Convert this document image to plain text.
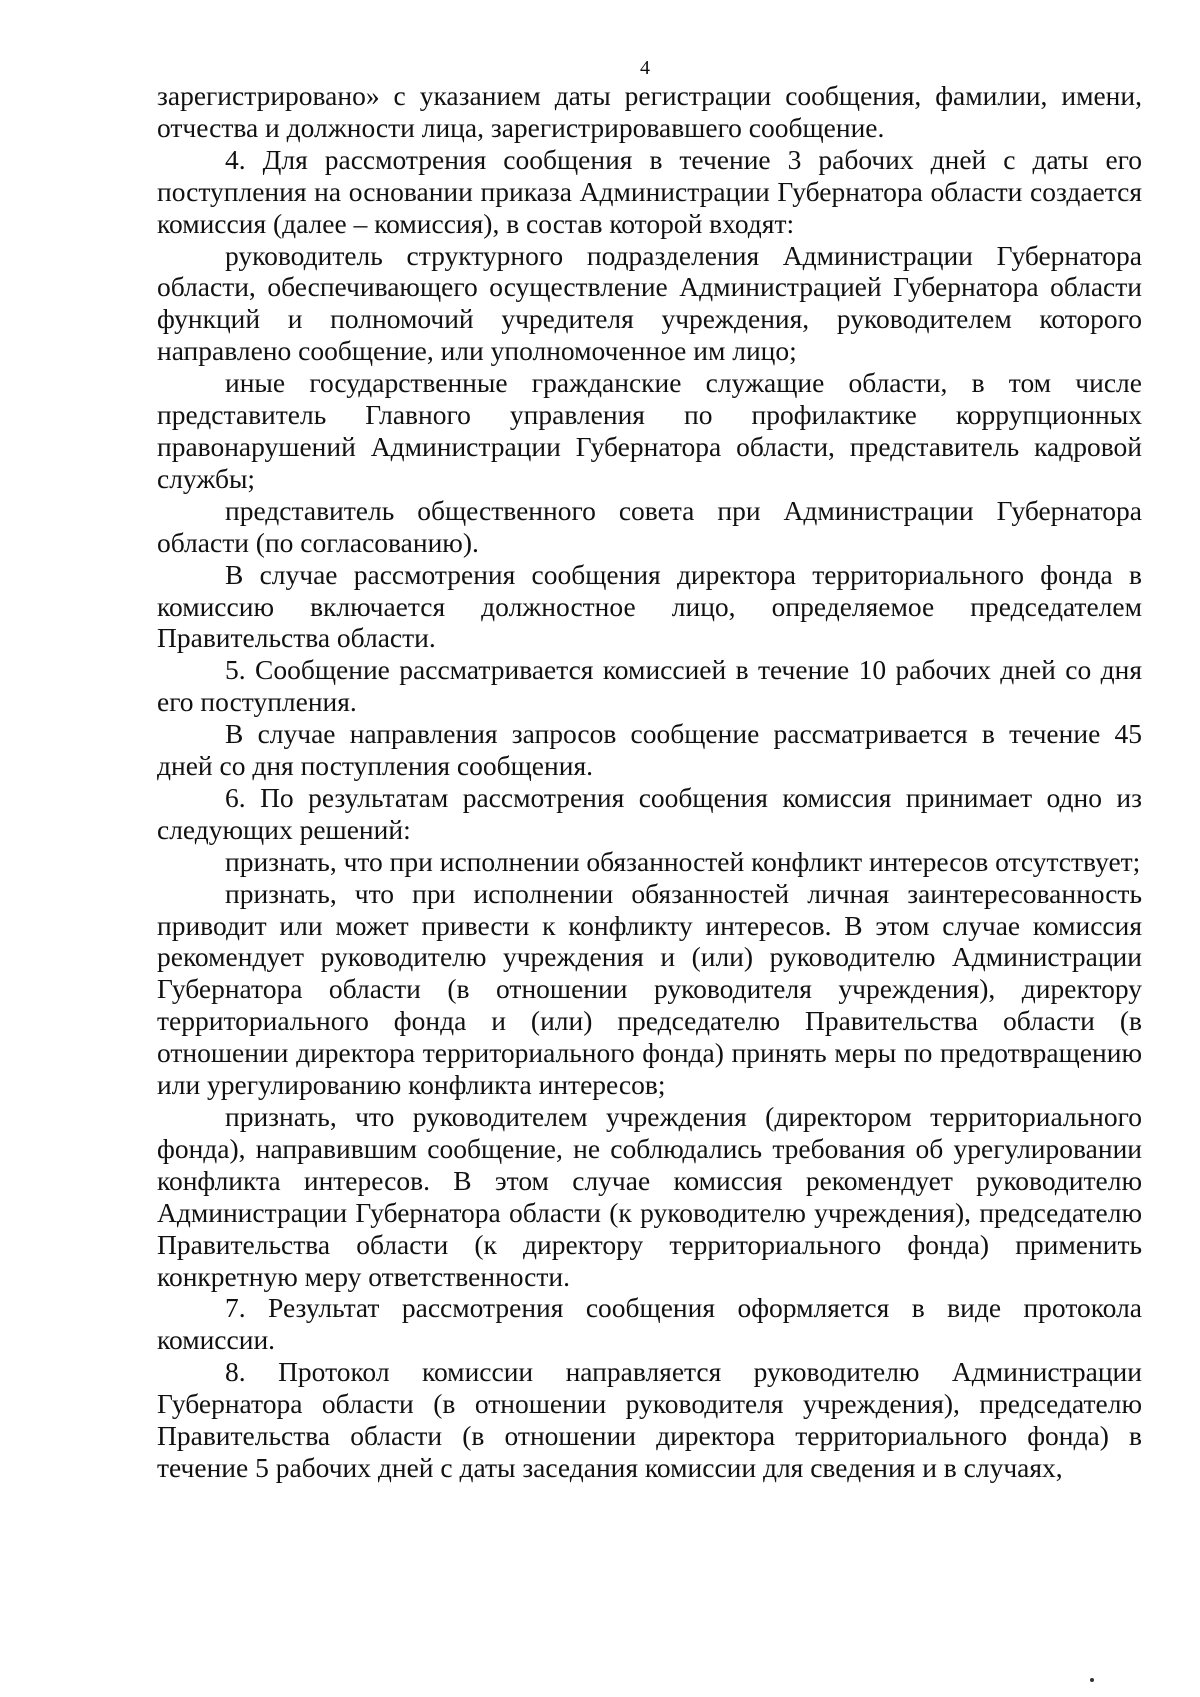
4

зарегистрировано» с указанием даты регистрации сообщения, фамилии, имени, отчества и должности лица, зарегистрировавшего сообщение.

4. Для рассмотрения сообщения в течение 3 рабочих дней с даты его поступления на основании приказа Администрации Губернатора области создается комиссия (далее – комиссия), в состав которой входят:

руководитель структурного подразделения Администрации Губернатора области, обеспечивающего осуществление Администрацией Губернатора области функций и полномочий учредителя учреждения, руководителем которого направлено сообщение, или уполномоченное им лицо;

иные государственные гражданские служащие области, в том числе представитель Главного управления по профилактике коррупционных правонарушений Администрации Губернатора области, представитель кадровой службы;

представитель общественного совета при Администрации Губернатора области (по согласованию).

В случае рассмотрения сообщения директора территориального фонда в комиссию включается должностное лицо, определяемое председателем Правительства области.

5. Сообщение рассматривается комиссией в течение 10 рабочих дней со дня его поступления.

В случае направления запросов сообщение рассматривается в течение 45 дней со дня поступления сообщения.

6. По результатам рассмотрения сообщения комиссия принимает одно из следующих решений:

признать, что при исполнении обязанностей конфликт интересов отсутствует;

признать, что при исполнении обязанностей личная заинтересованность приводит или может привести к конфликту интересов. В этом случае комиссия рекомендует руководителю учреждения и (или) руководителю Администрации Губернатора области (в отношении руководителя учреждения), директору территориального фонда и (или) председателю Правительства области (в отношении директора территориального фонда) принять меры по предотвращению или урегулированию конфликта интересов;

признать, что руководителем учреждения (директором территориального фонда), направившим сообщение, не соблюдались требования об урегулировании конфликта интересов. В этом случае комиссия рекомендует руководителю Администрации Губернатора области (к руководителю учреждения), председателю Правительства области (к директору территориального фонда) применить конкретную меру ответственности.

7. Результат рассмотрения сообщения оформляется в виде протокола комиссии.

8. Протокол комиссии направляется руководителю Администрации Губернатора области (в отношении руководителя учреждения), председателю Правительства области (в отношении директора территориального фонда) в течение 5 рабочих дней с даты заседания комиссии для сведения и в случаях,
